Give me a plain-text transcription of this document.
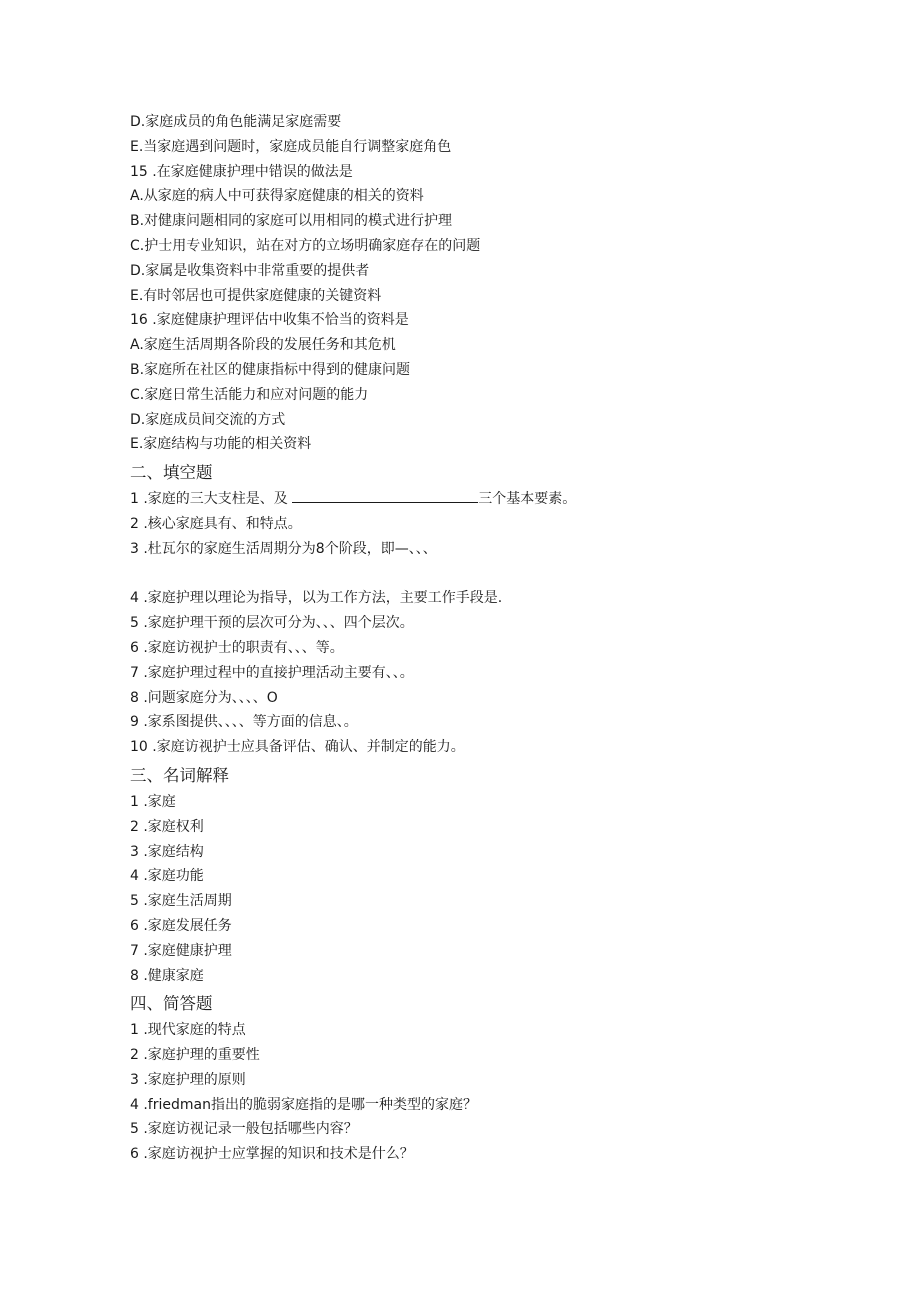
D.家庭成员的角色能满足家庭需要
E.当家庭遇到问题时，家庭成员能自行调整家庭角色
15 .在家庭健康护理中错误的做法是
A.从家庭的病人中可获得家庭健康的相关的资料
B.对健康问题相同的家庭可以用相同的模式进行护理
C.护士用专业知识，站在对方的立场明确家庭存在的问题
D.家属是收集资料中非常重要的提供者
E.有时邻居也可提供家庭健康的关键资料
16 .家庭健康护理评估中收集不恰当的资料是
A.家庭生活周期各阶段的发展任务和其危机
B.家庭所在社区的健康指标中得到的健康问题
C.家庭日常生活能力和应对问题的能力
D.家庭成员间交流的方式
E.家庭结构与功能的相关资料
二、填空题
1 .家庭的三大支柱是、及	三个基本要素。
2 .核心家庭具有、和特点。
3 .杜瓦尔的家庭生活周期分为8个阶段，即—、、、
4 .家庭护理以理论为指导，以为工作方法，主要工作手段是.
5 .家庭护理干预的层次可分为、、、四个层次。
6 .家庭访视护士的职责有、、、等。
7 .家庭护理过程中的直接护理活动主要有、、。
8 .问题家庭分为、、、、O
9 .家系图提供、、、、等方面的信息、。
10 .家庭访视护士应具备评估、确认、并制定的能力。
三、名词解释
1 .家庭
2 .家庭权利
3 .家庭结构
4 .家庭功能
5 .家庭生活周期
6 .家庭发展任务
7 .家庭健康护理
8 .健康家庭
四、简答题
1 .现代家庭的特点
2 .家庭护理的重要性
3 .家庭护理的原则
4 .friedman指出的脆弱家庭指的是哪一种类型的家庭？
5 .家庭访视记录一般包括哪些内容？
6 .家庭访视护士应掌握的知识和技术是什么？
